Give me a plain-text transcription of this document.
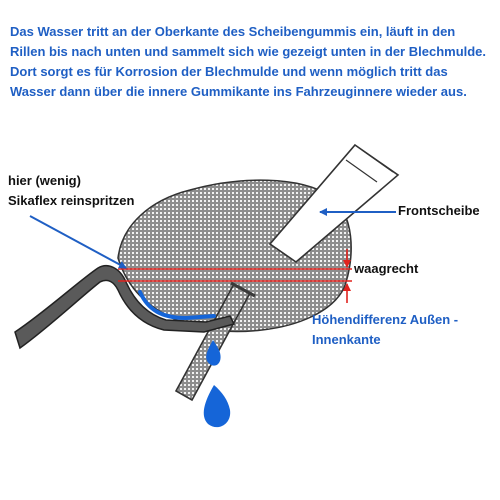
Das Wasser tritt an der Oberkante des Scheibengummis ein, läuft in den Rillen bis nach unten und sammelt sich wie gezeigt unten in der Blechmulde. Dort sorgt es für Korrosion der Blechmulde und wenn möglich tritt das Wasser dann über die innere Gummikante ins Fahrzeuginnere wieder aus.

hier (wenig)
Sikaflex reinspritzen
Frontscheibe
waagrecht
Höhendifferenz Außen -
Innenkante
